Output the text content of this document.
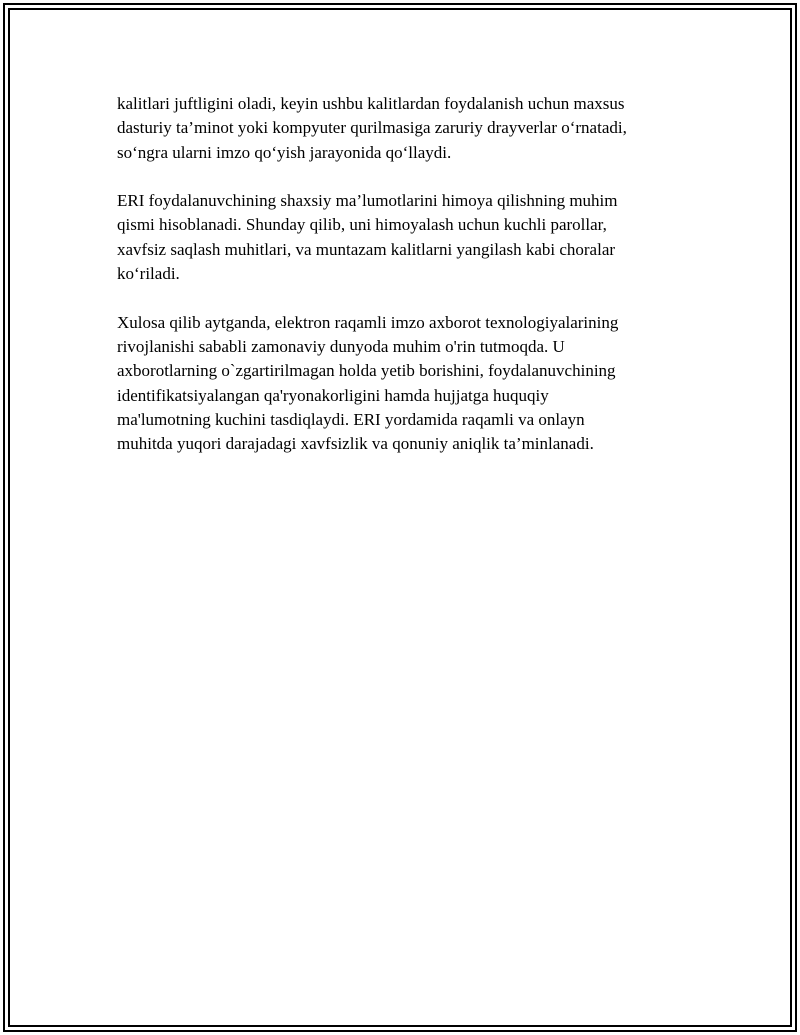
kalitlari juftligini oladi, keyin ushbu kalitlardan foydalanish uchun maxsus
dasturiy ta’minot yoki kompyuter qurilmasiga zaruriy drayverlar o‘rnatadi,
so‘ngra ularni imzo qo‘yish jarayonida qo‘llaydi.

ERI foydalanuvchining shaxsiy ma’lumotlarini himoya qilishning muhim
qismi hisoblanadi. Shunday qilib, uni himoyalash uchun kuchli parollar,
xavfsiz saqlash muhitlari, va muntazam kalitlarni yangilash kabi choralar
ko‘riladi.

Xulosa qilib aytganda, elektron raqamli imzo axborot texnologiyalarining
rivojlanishi sababli zamonaviy dunyoda muhim o'rin tutmoqda. U
axborotlarning o`zgartirilmagan holda yetib borishini, foydalanuvchining
identifikatsiyalangan qa'ryonakorligini hamda hujjatga huquqiy
ma'lumotning kuchini tasdiqlaydi. ERI yordamida raqamli va onlayn
muhitda yuqori darajadagi xavfsizlik va qonuniy aniqlik ta’minlanadi.
